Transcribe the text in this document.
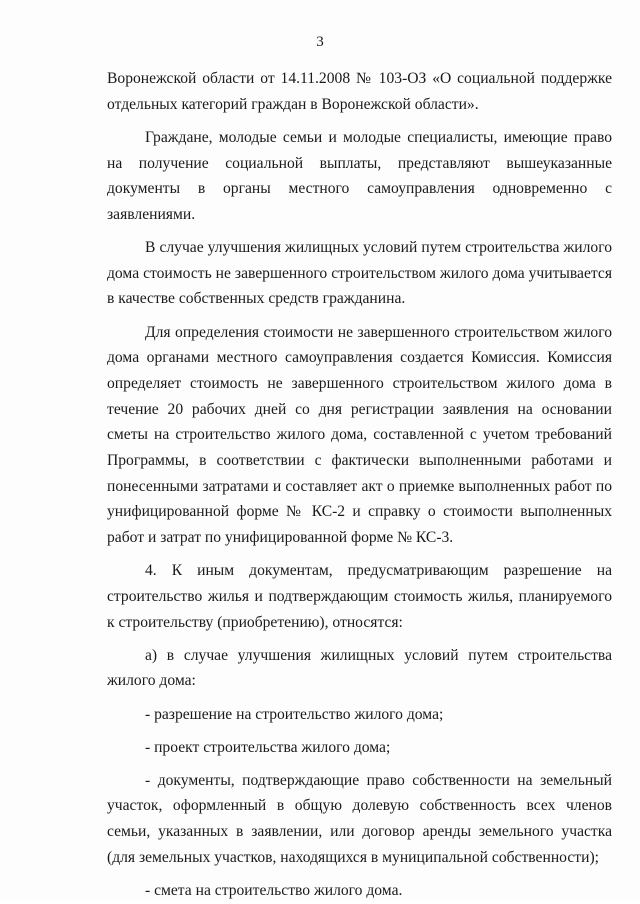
3

Воронежской области от 14.11.2008 № 103-ОЗ «О социальной поддержке отдельных категорий граждан в Воронежской области».

Граждане, молодые семьи и молодые специалисты, имеющие право на получение социальной выплаты, представляют вышеуказанные документы в органы местного самоуправления одновременно с заявлениями.

В случае улучшения жилищных условий путем строительства жилого дома стоимость не завершенного строительством жилого дома учитывается в качестве собственных средств гражданина.

Для определения стоимости не завершенного строительством жилого дома органами местного самоуправления создается Комиссия. Комиссия определяет стоимость не завершенного строительством жилого дома в течение 20 рабочих дней со дня регистрации заявления на основании сметы на строительство жилого дома, составленной с учетом требований Программы, в соответствии с фактически выполненными работами и понесенными затратами и составляет акт о приемке выполненных работ по унифицированной форме № КС-2 и справку о стоимости выполненных работ и затрат по унифицированной форме № КС-3.

4. К иным документам, предусматривающим разрешение на строительство жилья и подтверждающим стоимость жилья, планируемого к строительству (приобретению), относятся:

а) в случае улучшения жилищных условий путем строительства жилого дома:

- разрешение на строительство жилого дома;

- проект строительства жилого дома;

- документы, подтверждающие право собственности на земельный участок, оформленный в общую долевую собственность всех членов семьи, указанных в заявлении, или договор аренды земельного участка (для земельных участков, находящихся в муниципальной собственности);

- смета на строительство жилого дома.
